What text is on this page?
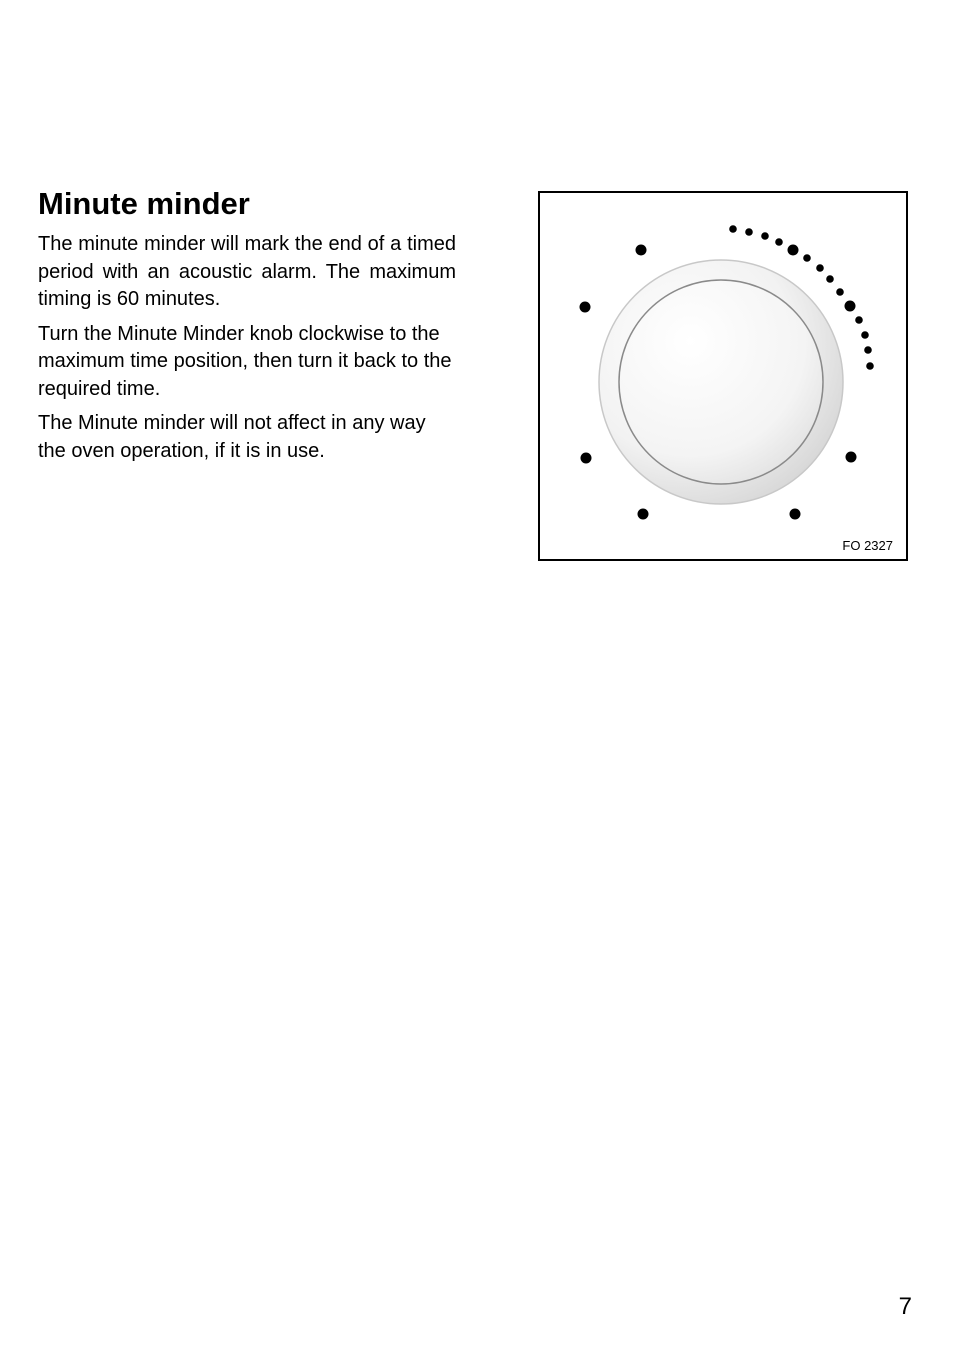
Minute minder

The minute minder will mark the end of a timed period with an acoustic alarm. The maximum timing is 60 minutes.

Turn the Minute Minder knob clockwise to the maximum time position, then turn it back to the required time.

The Minute minder will not affect in any way the oven operation, if it is in use.

FO 2327
7
